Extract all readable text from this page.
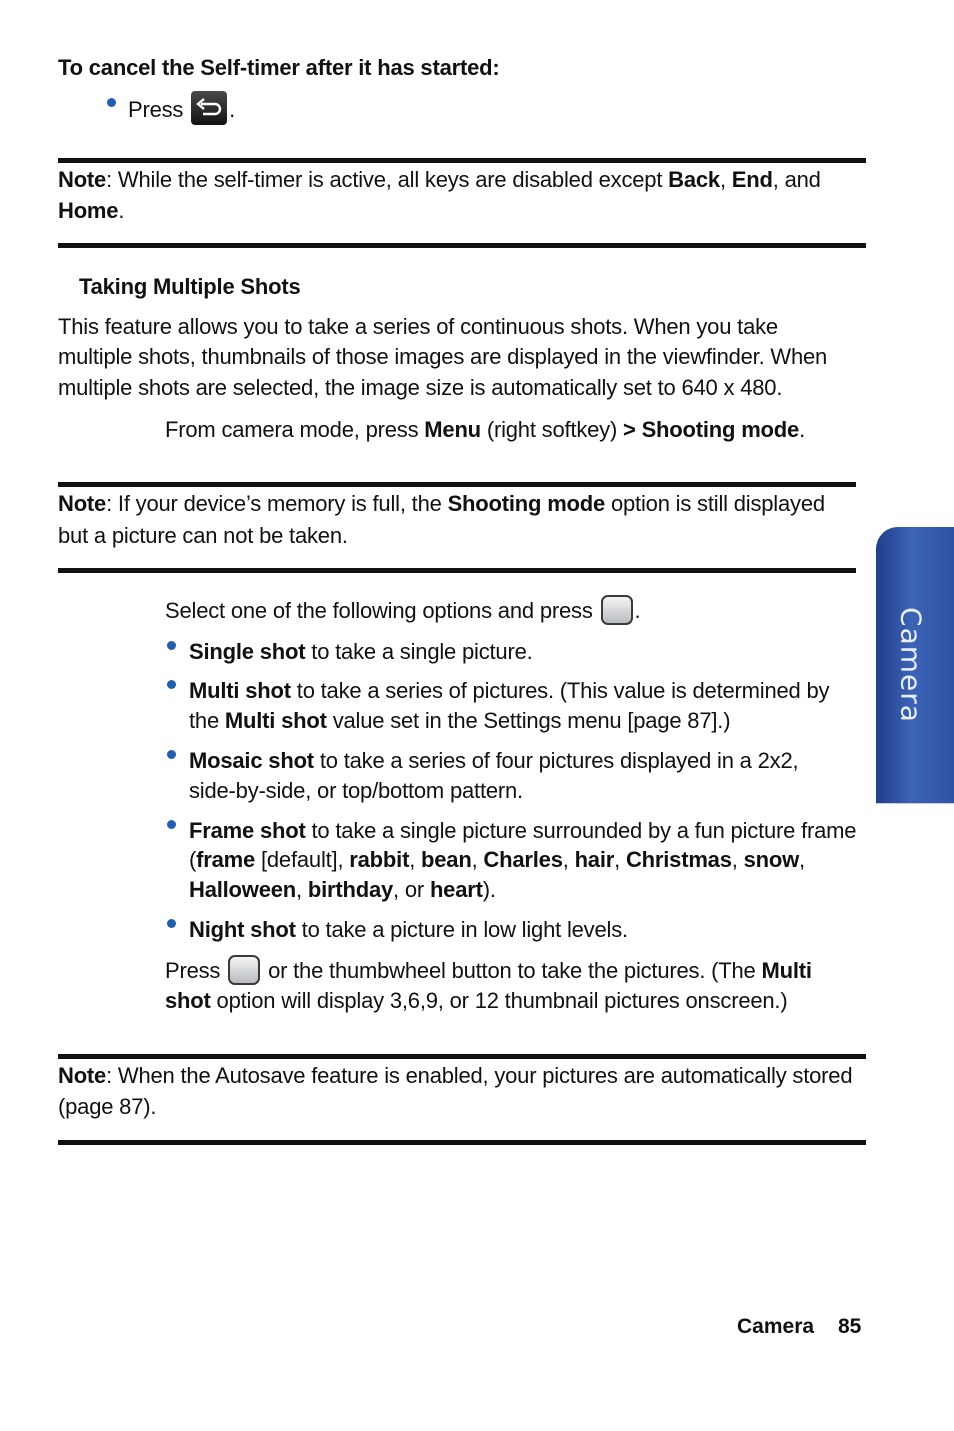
To cancel the Self-timer after it has started:
Press .
Note: While the self-timer is active, all keys are disabled except Back, End, and
Home.
Taking Multiple Shots
This feature allows you to take a series of continuous shots. When you take
multiple shots, thumbnails of those images are displayed in the viewfinder. When
multiple shots are selected, the image size is automatically set to 640 x 480.
From camera mode, press Menu (right softkey) > Shooting mode.
Note: If your device’s memory is full, the Shooting mode option is still displayed
but a picture can not be taken.
Select one of the following options and press .
Single shot to take a single picture.
Multi shot to take a series of pictures. (This value is determined by
the Multi shot value set in the Settings menu [page 87].)
Mosaic shot to take a series of four pictures displayed in a 2x2,
side-by-side, or top/bottom pattern.
Frame shot to take a single picture surrounded by a fun picture frame
(frame [default], rabbit, bean, Charles, hair, Christmas, snow,
Halloween, birthday, or heart).
Night shot to take a picture in low light levels.
Press  or the thumbwheel button to take the pictures. (The Multi
shot option will display 3,6,9, or 12 thumbnail pictures onscreen.)
Note: When the Autosave feature is enabled, your pictures are automatically stored
(page 87).
Camera
Camera 85
